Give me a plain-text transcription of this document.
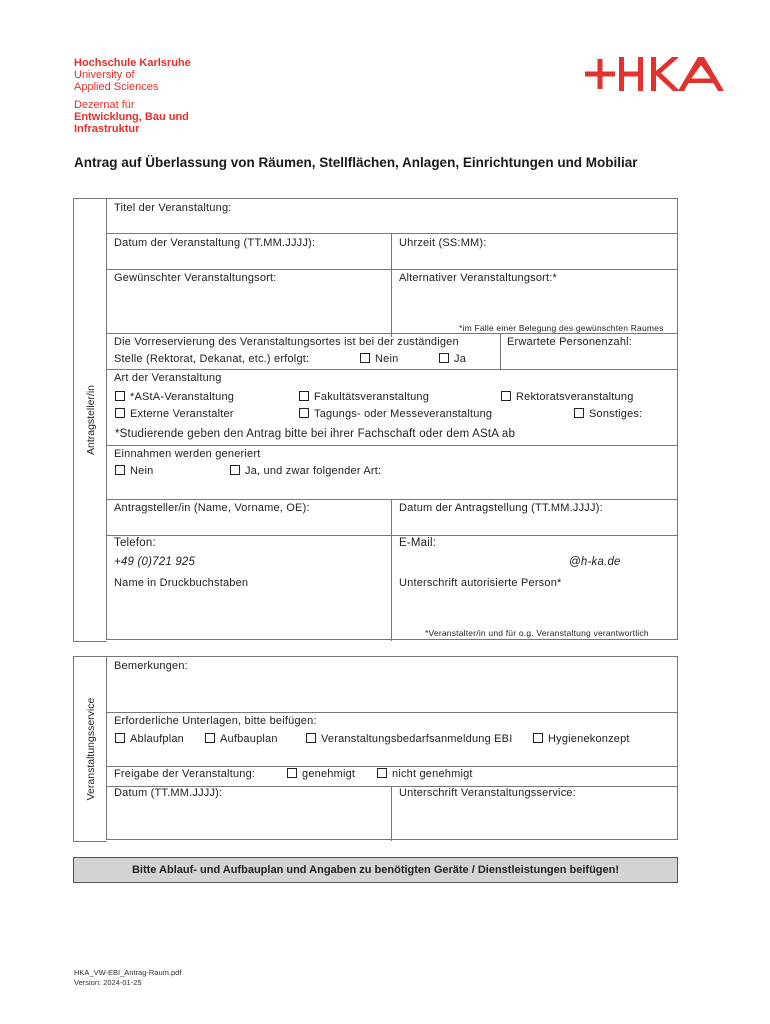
Hochschule Karlsruhe
University of
Applied Sciences
Dezernat für
Entwicklung, Bau und
Infrastruktur
Antrag auf Überlassung von Räumen, Stellflächen, Anlagen, Einrichtungen und Mobiliar
Antragsteller/in
Titel der Veranstaltung:
Datum der Veranstaltung (TT.MM.JJJJ):	Uhrzeit (SS:MM):
Gewünschter Veranstaltungsort:	Alternativer Veranstaltungsort:*
*im Falle einer Belegung des gewünschten Raumes
Die Vorreservierung des Veranstaltungsortes ist bei der zuständigen
Stelle (Rektorat, Dekanat, etc.) erfolgt:	Nein	Ja
Erwartete Personenzahl:
Art der Veranstaltung
*AStA-Veranstaltung	Fakultätsveranstaltung	Rektoratsveranstaltung
Externe Veranstalter	Tagungs- oder Messeveranstaltung	Sonstiges:
*Studierende geben den Antrag bitte bei ihrer Fachschaft oder dem AStA ab
Einnahmen werden generiert
Nein	Ja, und zwar folgender Art:
Antragsteller/in (Name, Vorname, OE):	Datum der Antragstellung (TT.MM.JJJJ):
Telefon:
+49 (0)721 925
E-Mail:
@h-ka.de
Name in Druckbuchstaben	Unterschrift autorisierte Person*
*Veranstalter/in und für o.g. Veranstaltung verantwortlich
Veranstaltungsservice
Bemerkungen:
Erforderliche Unterlagen, bitte beifügen:
Ablaufplan	Aufbauplan	Veranstaltungsbedarfsanmeldung EBI	Hygienekonzept
Freigabe der Veranstaltung:	genehmigt	nicht genehmigt
Datum (TT.MM.JJJJ):	Unterschrift Veranstaltungsservice:
Bitte Ablauf- und Aufbauplan und Angaben zu benötigten Geräte / Dienstleistungen beifügen!
HKA_VW-EBI_Antrag-Raum.pdf
Version: 2024-01-25
